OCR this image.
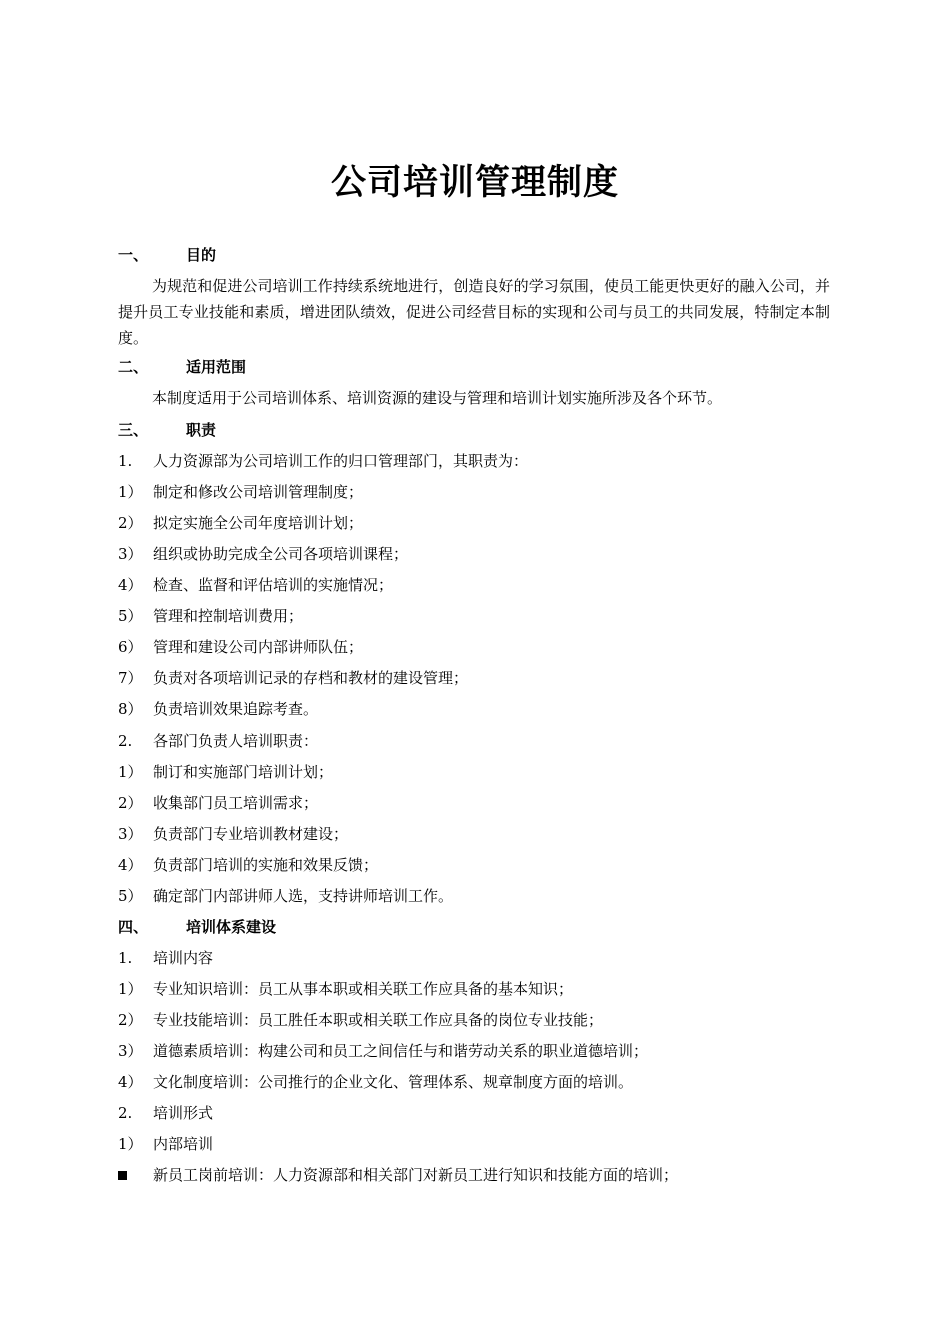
公司培训管理制度
一、	目的
为规范和促进公司培训工作持续系统地进行，创造良好的学习氛围，使员工能更快更好的融入公司，并提升员工专业技能和素质，增进团队绩效，促进公司经营目标的实现和公司与员工的共同发展，特制定本制度。
二、	适用范围
本制度适用于公司培训体系、培训资源的建设与管理和培训计划实施所涉及各个环节。
三、	职责
1. 人力资源部为公司培训工作的归口管理部门，其职责为：
1） 制定和修改公司培训管理制度；
2） 拟定实施全公司年度培训计划；
3） 组织或协助完成全公司各项培训课程；
4） 检查、监督和评估培训的实施情况；
5） 管理和控制培训费用；
6） 管理和建设公司内部讲师队伍；
7） 负责对各项培训记录的存档和教材的建设管理；
8） 负责培训效果追踪考查。
2. 各部门负责人培训职责：
1） 制订和实施部门培训计划；
2） 收集部门员工培训需求；
3） 负责部门专业培训教材建设；
4） 负责部门培训的实施和效果反馈；
5） 确定部门内部讲师人选，支持讲师培训工作。
四、	培训体系建设
1. 培训内容
1） 专业知识培训：员工从事本职或相关联工作应具备的基本知识；
2） 专业技能培训：员工胜任本职或相关联工作应具备的岗位专业技能；
3） 道德素质培训：构建公司和员工之间信任与和谐劳动关系的职业道德培训；
4） 文化制度培训：公司推行的企业文化、管理体系、规章制度方面的培训。
2. 培训形式
1） 内部培训
新员工岗前培训：人力资源部和相关部门对新员工进行知识和技能方面的培训；
